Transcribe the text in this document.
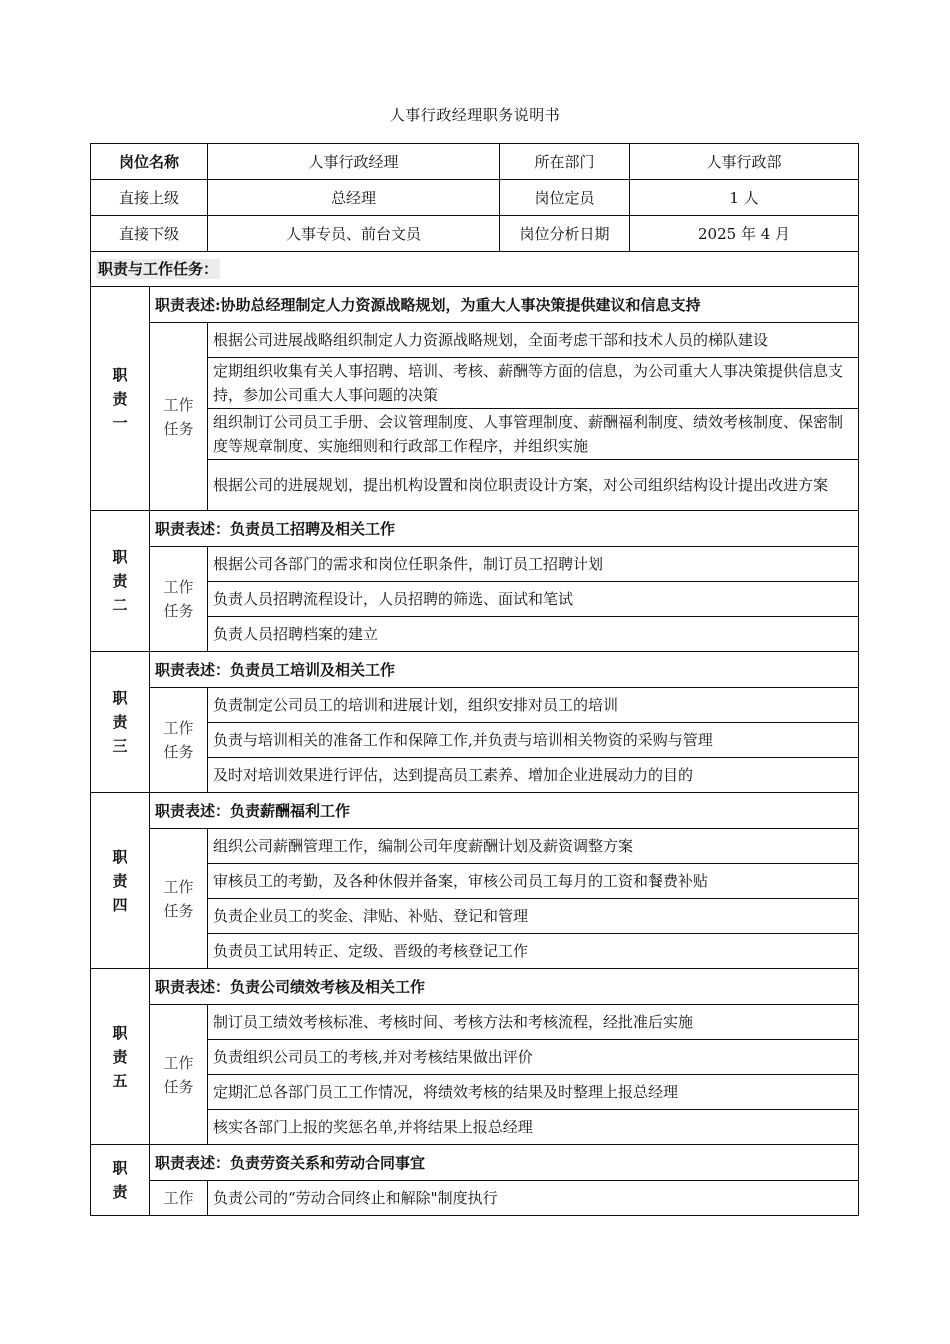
人事行政经理职务说明书
岗位名称		人事行政经理	所在部门	人事行政部
直接上级		总经理	岗位定员	1 人
直接下级		人事专员、前台文员	岗位分析日期	2025 年 4 月
职责与工作任务：				
职责一	职责表述:协助总经理制定人力资源战略规划，为重大人事决策提供建议和信息支持			
	工作任务	根据公司进展战略组织制定人力资源战略规划，全面考虑干部和技术人员的梯队建设		
		定期组织收集有关人事招聘、培训、考核、薪酬等方面的信息，为公司重大人事决策提供信息支持，参加公司重大人事问题的决策		
		组织制订公司员工手册、会议管理制度、人事管理制度、薪酬福利制度、绩效考核制度、保密制度等规章制度、实施细则和行政部工作程序，并组织实施		
		根据公司的进展规划，提出机构设置和岗位职责设计方案，对公司组织结构设计提出改进方案		
职责二	职责表述：负责员工招聘及相关工作			
	工作任务	根据公司各部门的需求和岗位任职条件，制订员工招聘计划		
		负责人员招聘流程设计，人员招聘的筛选、面试和笔试		
		负责人员招聘档案的建立		
职责三	职责表述：负责员工培训及相关工作			
	工作任务	负责制定公司员工的培训和进展计划，组织安排对员工的培训		
		负责与培训相关的准备工作和保障工作,并负责与培训相关物资的采购与管理		
		及时对培训效果进行评估，达到提高员工素养、增加企业进展动力的目的		
职责四	职责表述：负责薪酬福利工作			
	工作任务	组织公司薪酬管理工作，编制公司年度薪酬计划及薪资调整方案		
		审核员工的考勤，及各种休假并备案，审核公司员工每月的工资和餐费补贴		
		负责企业员工的奖金、津贴、补贴、登记和管理		
		负责员工试用转正、定级、晋级的考核登记工作		
职责五	职责表述：负责公司绩效考核及相关工作			
	工作任务	制订员工绩效考核标准、考核时间、考核方法和考核流程，经批准后实施		
		负责组织公司员工的考核,并对考核结果做出评价		
		定期汇总各部门员工工作情况，将绩效考核的结果及时整理上报总经理		
		核实各部门上报的奖惩名单,并将结果上报总经理		
职责	职责表述：负责劳资关系和劳动合同事宜			
	工作	负责公司的“劳动合同终止和解除"制度执行		
